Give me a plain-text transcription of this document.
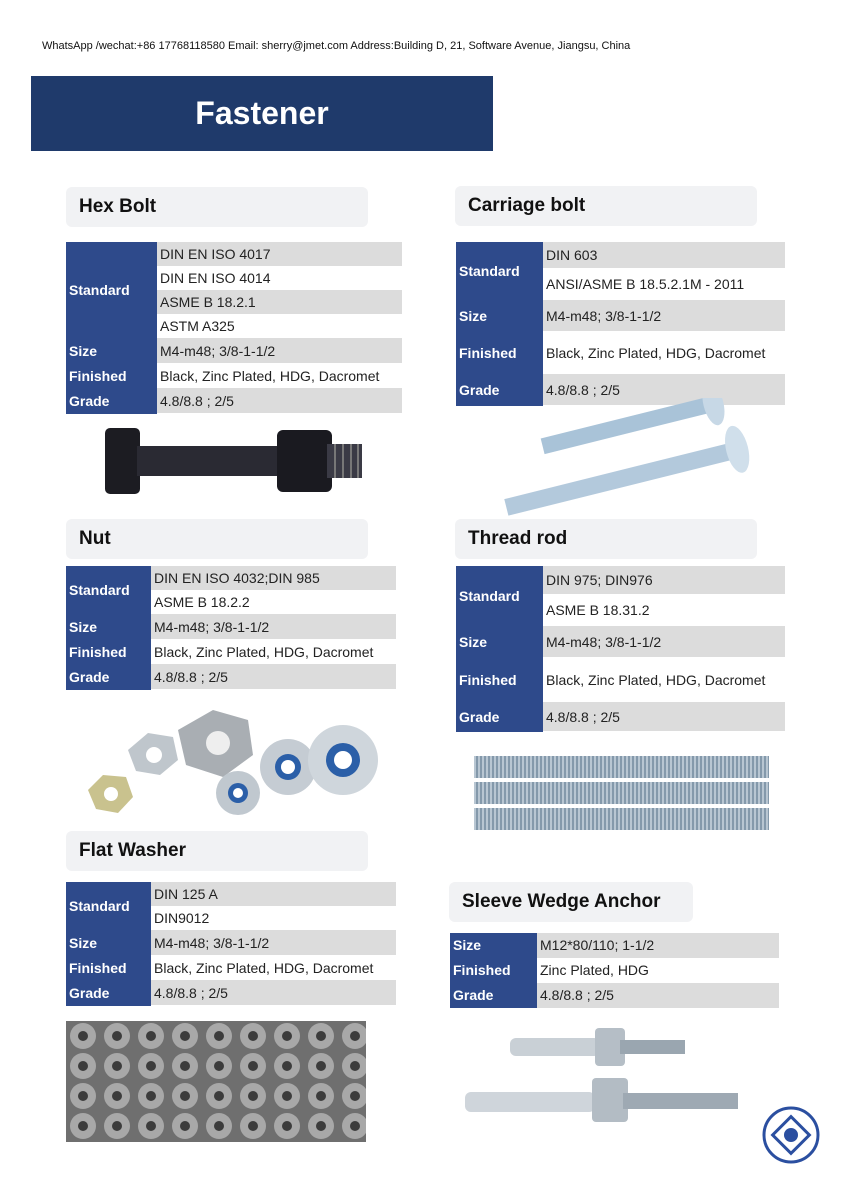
WhatsApp /wechat:+86 17768118580 Email: sherry@jmet.com Address:Building D, 21, Software Avenue, Jiangsu, China
Fastener
Hex Bolt
Standard	DIN EN ISO 4017
	DIN EN ISO 4014
	ASME B 18.2.1
	ASTM A325
Size	M4-m48; 3/8-1-1/2
Finished	Black, Zinc Plated, HDG, Dacromet
Grade	4.8/8.8 ; 2/5
Carriage bolt
Standard	DIN 603
	ANSI/ASME B 18.5.2.1M - 2011
Size	M4-m48; 3/8-1-1/2
Finished	Black, Zinc Plated, HDG, Dacromet
Grade	4.8/8.8 ; 2/5
Nut
Standard	DIN EN ISO 4032;DIN 985
	ASME B 18.2.2
Size	M4-m48; 3/8-1-1/2
Finished	Black, Zinc Plated, HDG, Dacromet
Grade	4.8/8.8 ; 2/5
Thread rod
Standard	DIN 975; DIN976
	ASME B 18.31.2
Size	M4-m48; 3/8-1-1/2
Finished	Black, Zinc Plated, HDG, Dacromet
Grade	4.8/8.8 ; 2/5
Flat Washer
Standard	DIN 125 A
	DIN9012
Size	M4-m48; 3/8-1-1/2
Finished	Black, Zinc Plated, HDG, Dacromet
Grade	4.8/8.8 ; 2/5
Sleeve Wedge Anchor
Size	M12*80/110; 1-1/2
Finished	Zinc Plated, HDG
Grade	4.8/8.8 ; 2/5
